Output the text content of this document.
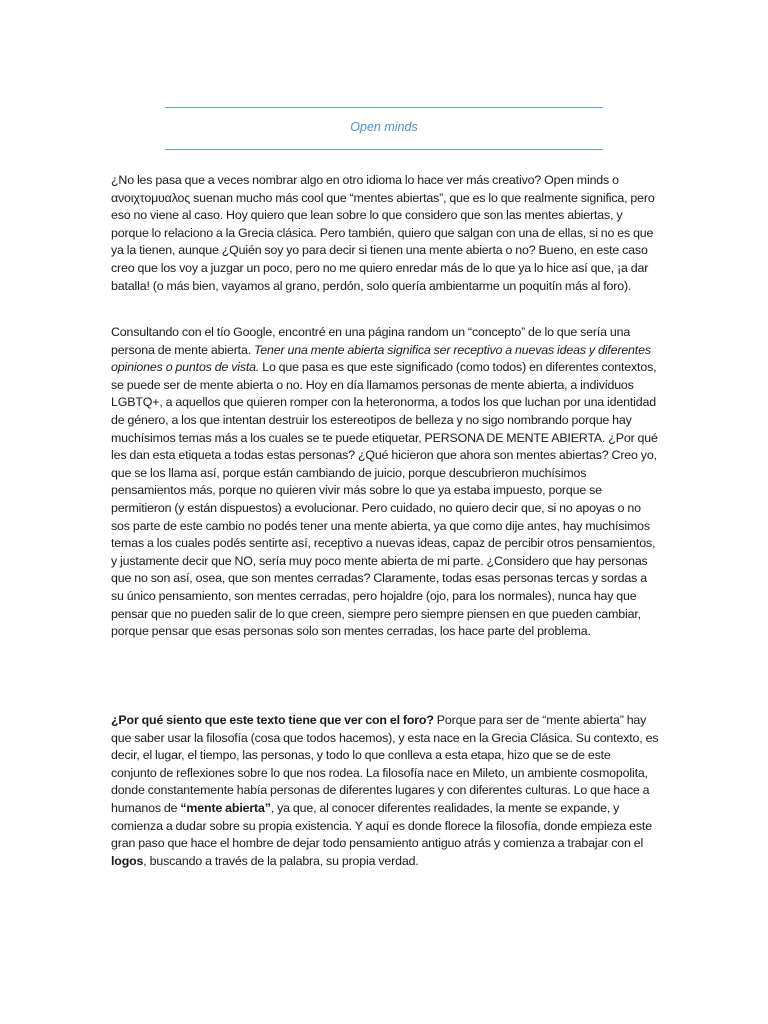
Open minds

¿No les pasa que a veces nombrar algo en otro idioma lo hace ver más creativo? Open minds o ανοιχτομυαλος suenan mucho más cool que “mentes abiertas”, que es lo que realmente significa, pero eso no viene al caso. Hoy quiero que lean sobre lo que considero que son las mentes abiertas, y porque lo relaciono a la Grecia clásica. Pero también, quiero que salgan con una de ellas, si no es que ya la tienen, aunque ¿Quién soy yo para decir si tienen una mente abierta o no? Bueno, en este caso creo que los voy a juzgar un poco, pero no me quiero enredar más de lo que ya lo hice así que, ¡a dar batalla! (o más bien, vayamos al grano, perdón, solo quería ambientarme un poquitín más al foro).

Consultando con el tío Google, encontré en una página random un “concepto” de lo que sería una persona de mente abierta. Tener una mente abierta significa ser receptivo a nuevas ideas y diferentes opiniones o puntos de vista. Lo que pasa es que este significado (como todos) en diferentes contextos, se puede ser de mente abierta o no. Hoy en día llamamos personas de mente abierta, a individuos LGBTQ+, a aquellos que quieren romper con la heteronorma, a todos los que luchan por una identidad de género, a los que intentan destruir los estereotipos de belleza y no sigo nombrando porque hay muchísimos temas más a los cuales se te puede etiquetar, PERSONA DE MENTE ABIERTA. ¿Por qué les dan esta etiqueta a todas estas personas? ¿Qué hicieron que ahora son mentes abiertas? Creo yo, que se los llama así, porque están cambiando de juicio, porque descubrieron muchísimos pensamientos más, porque no quieren vivir más sobre lo que ya estaba impuesto, porque se permitieron (y están dispuestos) a evolucionar. Pero cuidado, no quiero decir que, si no apoyas o no sos parte de este cambio no podés tener una mente abierta, ya que como dije antes, hay muchísimos temas a los cuales podés sentirte así, receptivo a nuevas ideas, capaz de percibir otros pensamientos, y justamente decir que NO, sería muy poco mente abierta de mi parte. ¿Considero que hay personas que no son así, osea, que son mentes cerradas? Claramente, todas esas personas tercas y sordas a su único pensamiento, son mentes cerradas, pero hojaldre (ojo, para los normales), nunca hay que pensar que no pueden salir de lo que creen, siempre pero siempre piensen en que pueden cambiar, porque pensar que esas personas solo son mentes cerradas, los hace parte del problema.

¿Por qué siento que este texto tiene que ver con el foro? Porque para ser de “mente abierta” hay que saber usar la filosofía (cosa que todos hacemos), y esta nace en la Grecia Clásica. Su contexto, es decir, el lugar, el tiempo, las personas, y todo lo que conlleva a esta etapa, hizo que se de este conjunto de reflexiones sobre lo que nos rodea. La filosofía nace en Mileto, un ambiente cosmopolita, donde constantemente había personas de diferentes lugares y con diferentes culturas. Lo que hace a humanos de “mente abierta”, ya que, al conocer diferentes realidades, la mente se expande, y comienza a dudar sobre su propia existencia. Y aquí es donde florece la filosofía, donde empieza este gran paso que hace el hombre de dejar todo pensamiento antiguo atrás y comienza a trabajar con el logos, buscando a través de la palabra, su propia verdad.
